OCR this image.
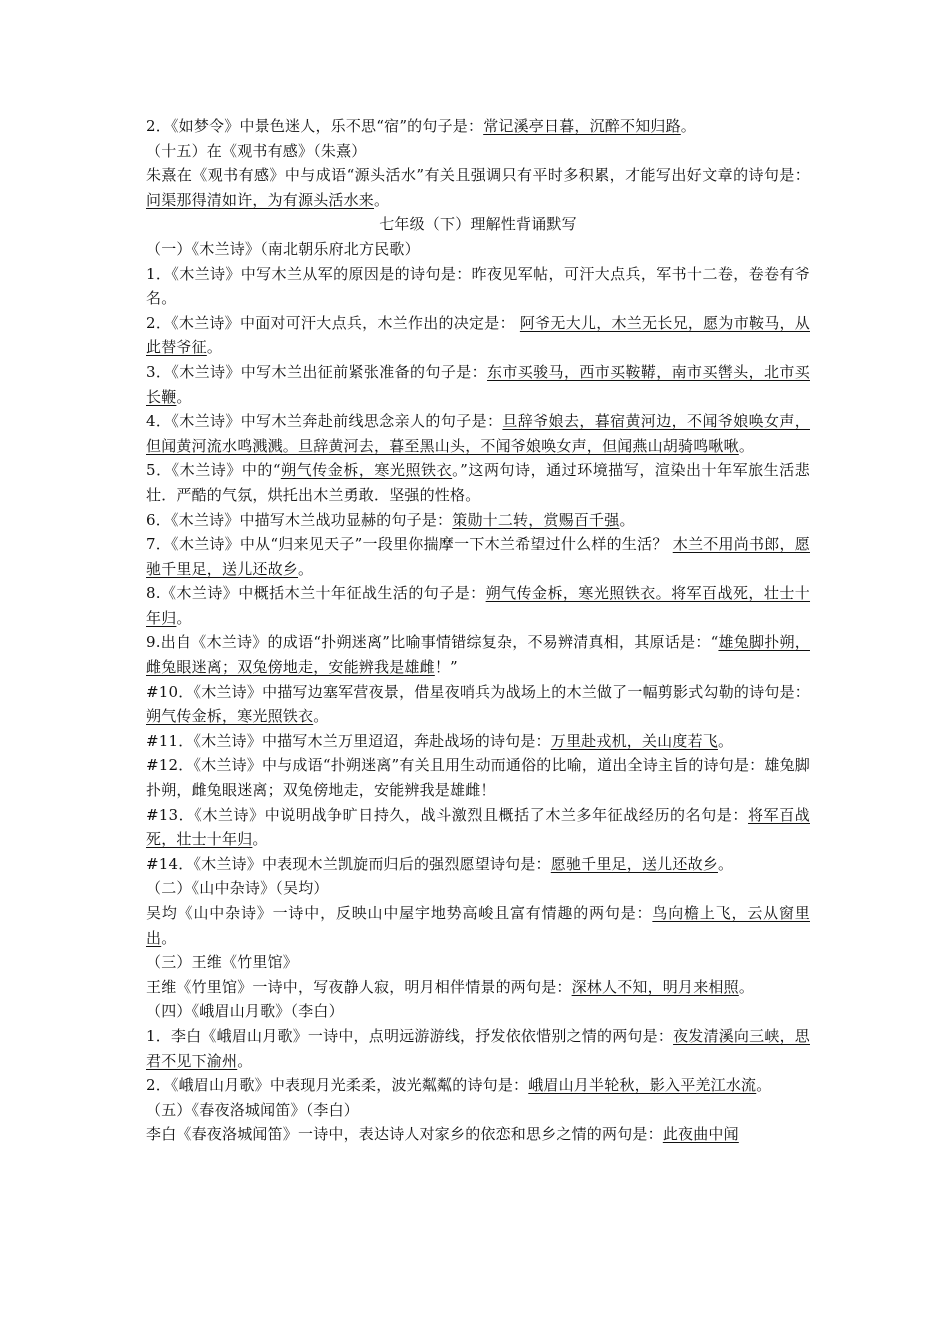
2．《如梦令》中景色迷人，乐不思“宿”的句子是：常记溪亭日暮，沉醉不知归路。
（十五）在《观书有感》（朱熹）
朱熹在《观书有感》中与成语“源头活水”有关且强调只有平时多积累，才能写出好文章的诗句是：问渠那得清如许，为有源头活水来。
七年级（下）理解性背诵默写
（一）《木兰诗》（南北朝乐府北方民歌）
1．《木兰诗》中写木兰从军的原因是的诗句是：昨夜见军帖，可汗大点兵，军书十二卷，卷卷有爷名。
2．《木兰诗》中面对可汗大点兵，木兰作出的决定是： 阿爷无大儿，木兰无长兄，愿为市鞍马，从此替爷征。
3．《木兰诗》中写木兰出征前紧张准备的句子是：东市买骏马，西市买鞍鞯，南市买辔头，北市买长鞭。
4．《木兰诗》中写木兰奔赴前线思念亲人的句子是：旦辞爷娘去，暮宿黄河边，不闻爷娘唤女声，但闻黄河流水鸣溅溅。旦辞黄河去，暮至黑山头，不闻爷娘唤女声，但闻燕山胡骑鸣啾啾。
5．《木兰诗》中的“朔气传金柝，寒光照铁衣。”这两句诗，通过环境描写，渲染出十年军旅生活悲壮．严酷的气氛，烘托出木兰勇敢．坚强的性格。
6．《木兰诗》中描写木兰战功显赫的句子是：策勋十二转，赏赐百千强。
7．《木兰诗》中从“归来见天子”一段里你揣摩一下木兰希望过什么样的生活？ 木兰不用尚书郎，愿驰千里足，送儿还故乡。
8.《木兰诗》中概括木兰十年征战生活的句子是：朔气传金柝，寒光照铁衣。将军百战死，壮士十年归。
9.出自《木兰诗》的成语“扑朔迷离”比喻事情错综复杂，不易辨清真相，其原话是：“雄兔脚扑朔，雌兔眼迷离；双兔傍地走，安能辨我是雄雌！”
#10．《木兰诗》中描写边塞军营夜景，借星夜哨兵为战场上的木兰做了一幅剪影式勾勒的诗句是：朔气传金柝，寒光照铁衣。
#11．《木兰诗》中描写木兰万里迢迢，奔赴战场的诗句是：万里赴戎机，关山度若飞。
#12．《木兰诗》中与成语“扑朔迷离”有关且用生动而通俗的比喻，道出全诗主旨的诗句是：雄兔脚扑朔，雌兔眼迷离；双兔傍地走，安能辨我是雄雌！
#13．《木兰诗》中说明战争旷日持久，战斗激烈且概括了木兰多年征战经历的名句是：将军百战死，壮士十年归。
#14．《木兰诗》中表现木兰凯旋而归后的强烈愿望诗句是：愿驰千里足，送儿还故乡。
（二）《山中杂诗》（吴均）
吴均《山中杂诗》一诗中，反映山中屋宇地势高峻且富有情趣的两句是：鸟向檐上飞，云从窗里出。
（三）王维《竹里馆》
王维《竹里馆》一诗中，写夜静人寂，明月相伴情景的两句是：深林人不知，明月来相照。
（四）《峨眉山月歌》（李白）
1．李白《峨眉山月歌》一诗中，点明远游游线，抒发依依惜别之情的两句是：夜发清溪向三峡，思君不见下渝州。
2．《峨眉山月歌》中表现月光柔柔，波光粼粼的诗句是：峨眉山月半轮秋，影入平羌江水流。
（五）《春夜洛城闻笛》（李白）
李白《春夜洛城闻笛》一诗中，表达诗人对家乡的依恋和思乡之情的两句是：此夜曲中闻
